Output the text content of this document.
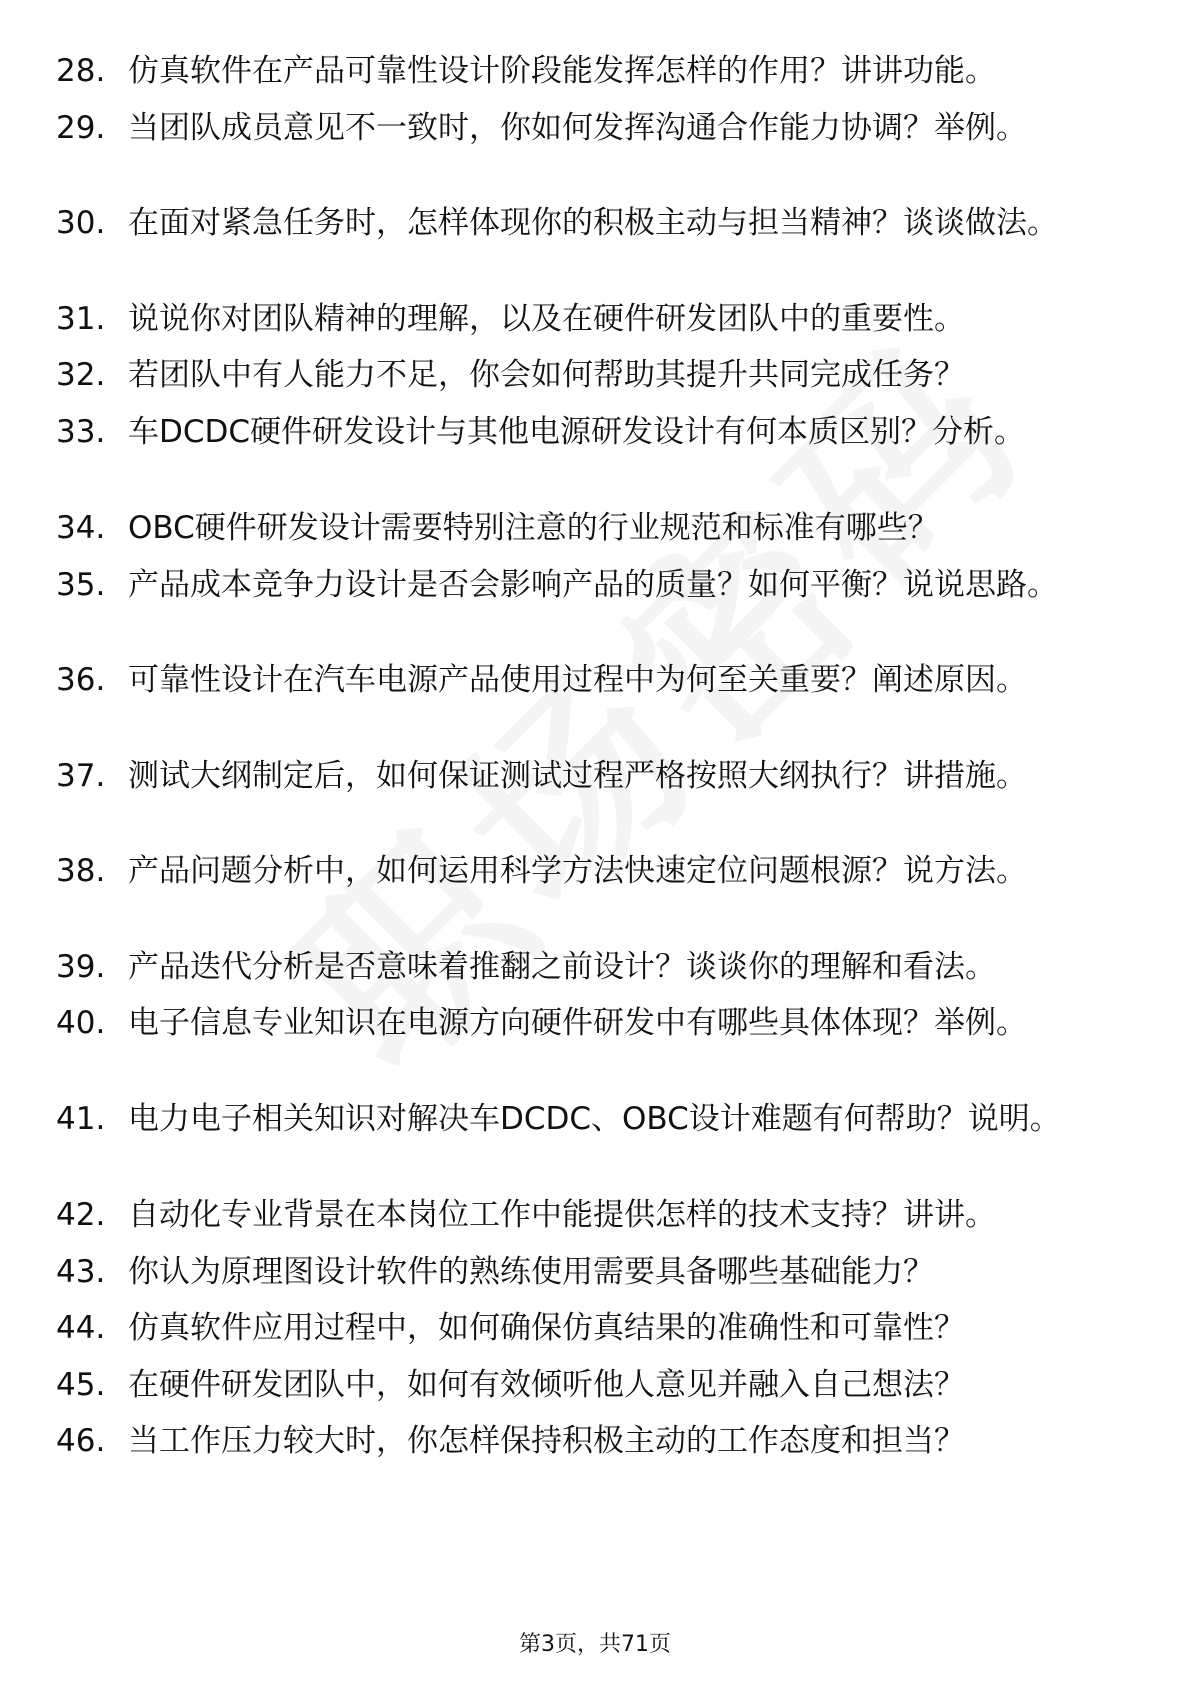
28. 仿真软件在产品可靠性设计阶段能发挥怎样的作用？讲讲功能。
29. 当团队成员意见不一致时，你如何发挥沟通合作能力协调？举例。
30. 在面对紧急任务时，怎样体现你的积极主动与担当精神？谈谈做法。
31. 说说你对团队精神的理解，以及在硬件研发团队中的重要性。
32. 若团队中有人能力不足，你会如何帮助其提升共同完成任务？
33. 车DCDC硬件研发设计与其他电源研发设计有何本质区别？分析。
34. OBC硬件研发设计需要特别注意的行业规范和标准有哪些？
35. 产品成本竞争力设计是否会影响产品的质量？如何平衡？说说思路。
36. 可靠性设计在汽车电源产品使用过程中为何至关重要？阐述原因。
37. 测试大纲制定后，如何保证测试过程严格按照大纲执行？讲措施。
38. 产品问题分析中，如何运用科学方法快速定位问题根源？说方法。
39. 产品迭代分析是否意味着推翻之前设计？谈谈你的理解和看法。
40. 电子信息专业知识在电源方向硬件研发中有哪些具体体现？举例。
41. 电力电子相关知识对解决车DCDC、OBC设计难题有何帮助？说明。
42. 自动化专业背景在本岗位工作中能提供怎样的技术支持？讲讲。
43. 你认为原理图设计软件的熟练使用需要具备哪些基础能力？
44. 仿真软件应用过程中，如何确保仿真结果的准确性和可靠性？
45. 在硬件研发团队中，如何有效倾听他人意见并融入自己想法？
46. 当工作压力较大时，你怎样保持积极主动的工作态度和担当？
第3页，共71页
